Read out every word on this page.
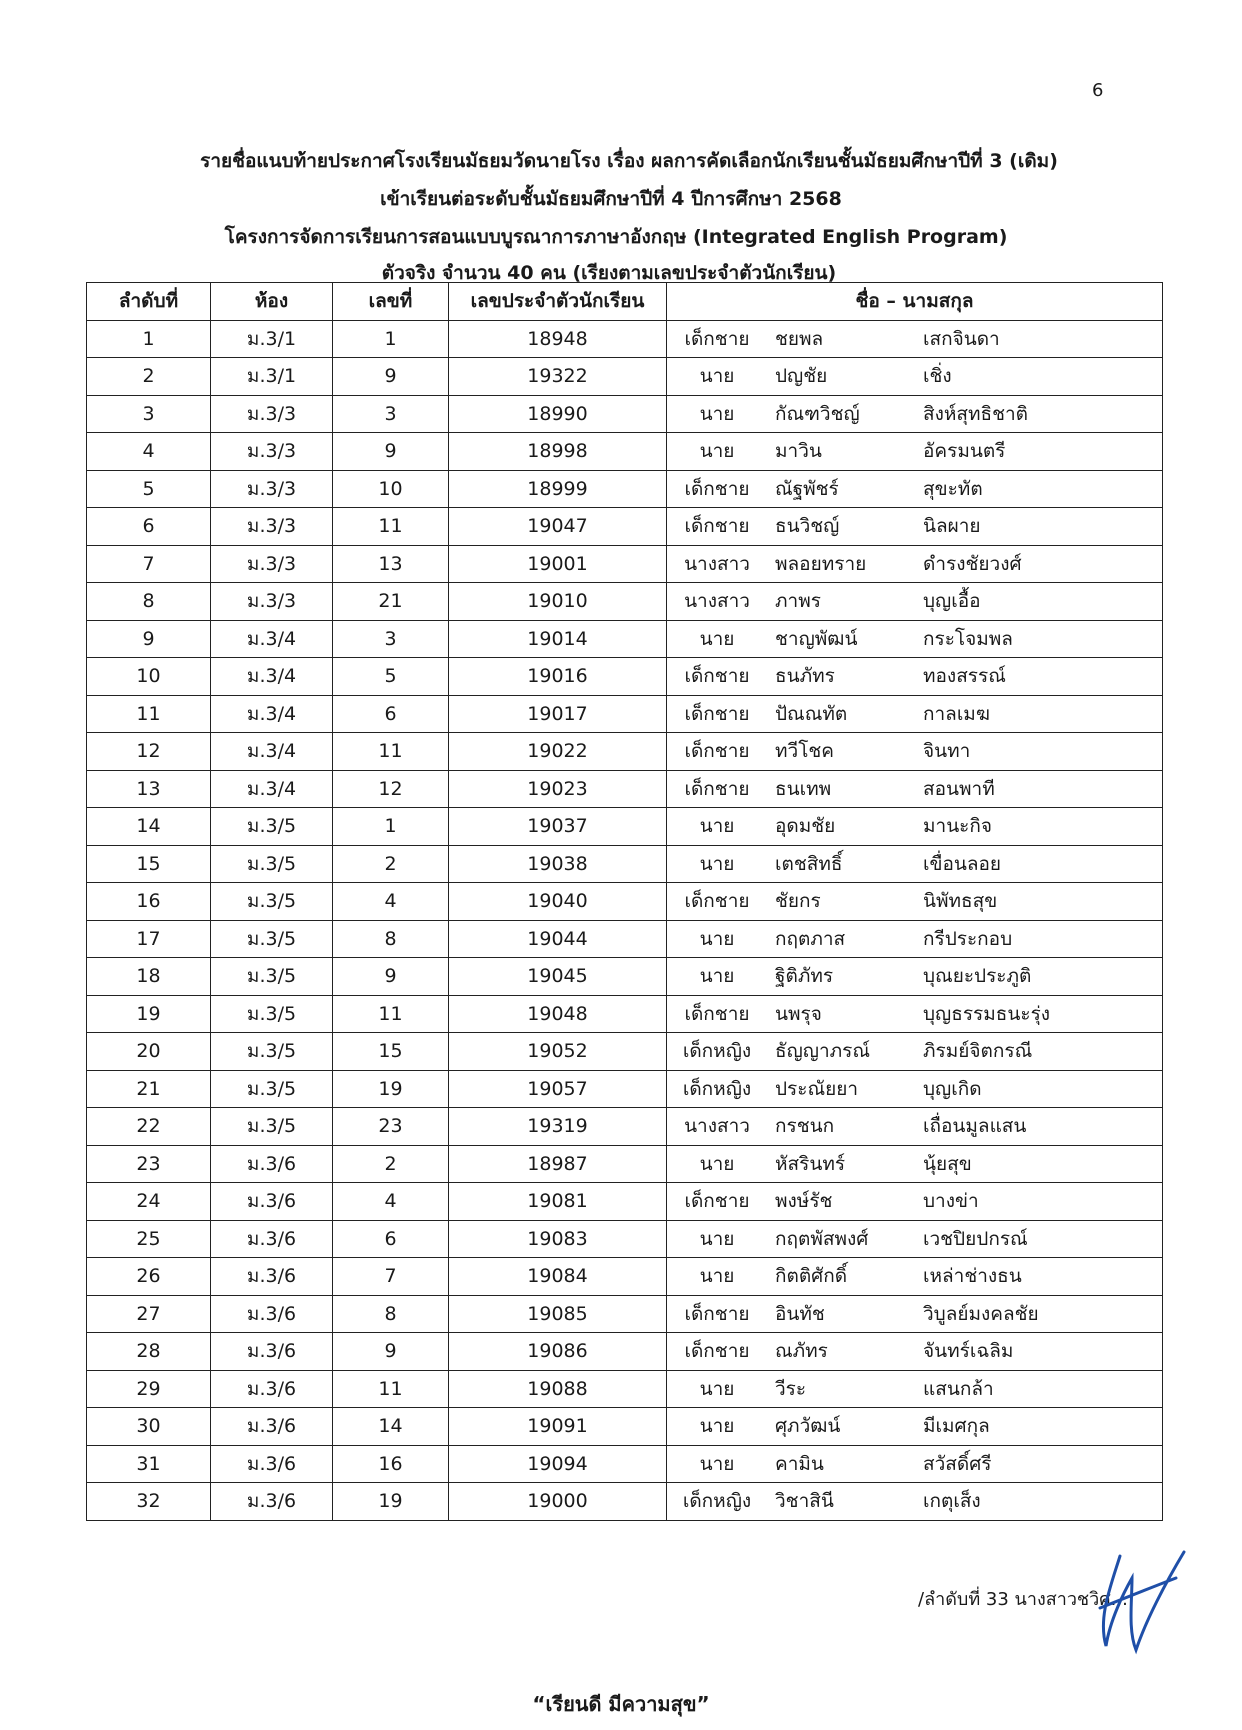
6
รายชื่อแนบท้ายประกาศโรงเรียนมัธยมวัดนายโรง เรื่อง ผลการคัดเลือกนักเรียนชั้นมัธยมศึกษาปีที่ 3 (เดิม)
เข้าเรียนต่อระดับชั้นมัธยมศึกษาปีที่ 4 ปีการศึกษา 2568
โครงการจัดการเรียนการสอนแบบบูรณาการภาษาอังกฤษ (Integrated English Program)
ตัวจริง จำนวน 40 คน (เรียงตามเลขประจำตัวนักเรียน)
ลำดับที่	ห้อง	เลขที่	เลขประจำตัวนักเรียน	ชื่อ – นามสกุล
1	ม.3/1	1	18948	เด็กชาย ชยพล เสกจินดา
2	ม.3/1	9	19322	นาย ปญชัย เชิ่ง
3	ม.3/3	3	18990	นาย กัณฑวิชญ์ สิงห์สุทธิชาติ
4	ม.3/3	9	18998	นาย มาวิน อัครมนตรี
5	ม.3/3	10	18999	เด็กชาย ณัฐพัชร์ สุขะทัต
6	ม.3/3	11	19047	เด็กชาย ธนวิชญ์ นิลผาย
7	ม.3/3	13	19001	นางสาว พลอยทราย ดำรงชัยวงศ์
8	ม.3/3	21	19010	นางสาว ภาพร บุญเอื้อ
9	ม.3/4	3	19014	นาย ชาญพัฒน์ กระโจมพล
10	ม.3/4	5	19016	เด็กชาย ธนภัทร ทองสรรณ์
11	ม.3/4	6	19017	เด็กชาย ปัณณทัต กาลเมฆ
12	ม.3/4	11	19022	เด็กชาย ทวีโชค จินทา
13	ม.3/4	12	19023	เด็กชาย ธนเทพ สอนพาที
14	ม.3/5	1	19037	นาย อุดมชัย มานะกิจ
15	ม.3/5	2	19038	นาย เตชสิทธิ์ เขื่อนลอย
16	ม.3/5	4	19040	เด็กชาย ชัยกร นิพัทธสุข
17	ม.3/5	8	19044	นาย กฤตภาส กรีประกอบ
18	ม.3/5	9	19045	นาย ฐิติภัทร บุณยะประภูติ
19	ม.3/5	11	19048	เด็กชาย นพรุจ บุญธรรมธนะรุ่ง
20	ม.3/5	15	19052	เด็กหญิง ธัญญาภรณ์ ภิรมย์จิตกรณี
21	ม.3/5	19	19057	เด็กหญิง ประณัยยา บุญเกิด
22	ม.3/5	23	19319	นางสาว กรชนก เถื่อนมูลแสน
23	ม.3/6	2	18987	นาย หัสรินทร์ นุ้ยสุข
24	ม.3/6	4	19081	เด็กชาย พงษ์รัช บางข่า
25	ม.3/6	6	19083	นาย กฤตพัสพงศ์ เวชปิยปกรณ์
26	ม.3/6	7	19084	นาย กิตติศักดิ์ เหล่าช่างธน
27	ม.3/6	8	19085	เด็กชาย อินทัช วิบูลย์มงคลชัย
28	ม.3/6	9	19086	เด็กชาย ณภัทร จันทร์เฉลิม
29	ม.3/6	11	19088	นาย วีระ แสนกล้า
30	ม.3/6	14	19091	นาย ศุภวัฒน์ มีเมศกุล
31	ม.3/6	16	19094	นาย คามิน สวัสดิ์ศรี
32	ม.3/6	19	19000	เด็กหญิง วิชาสินี เกตุเส็ง
/ลำดับที่ 33 นางสาวชวิศ...
“เรียนดี มีความสุข”
